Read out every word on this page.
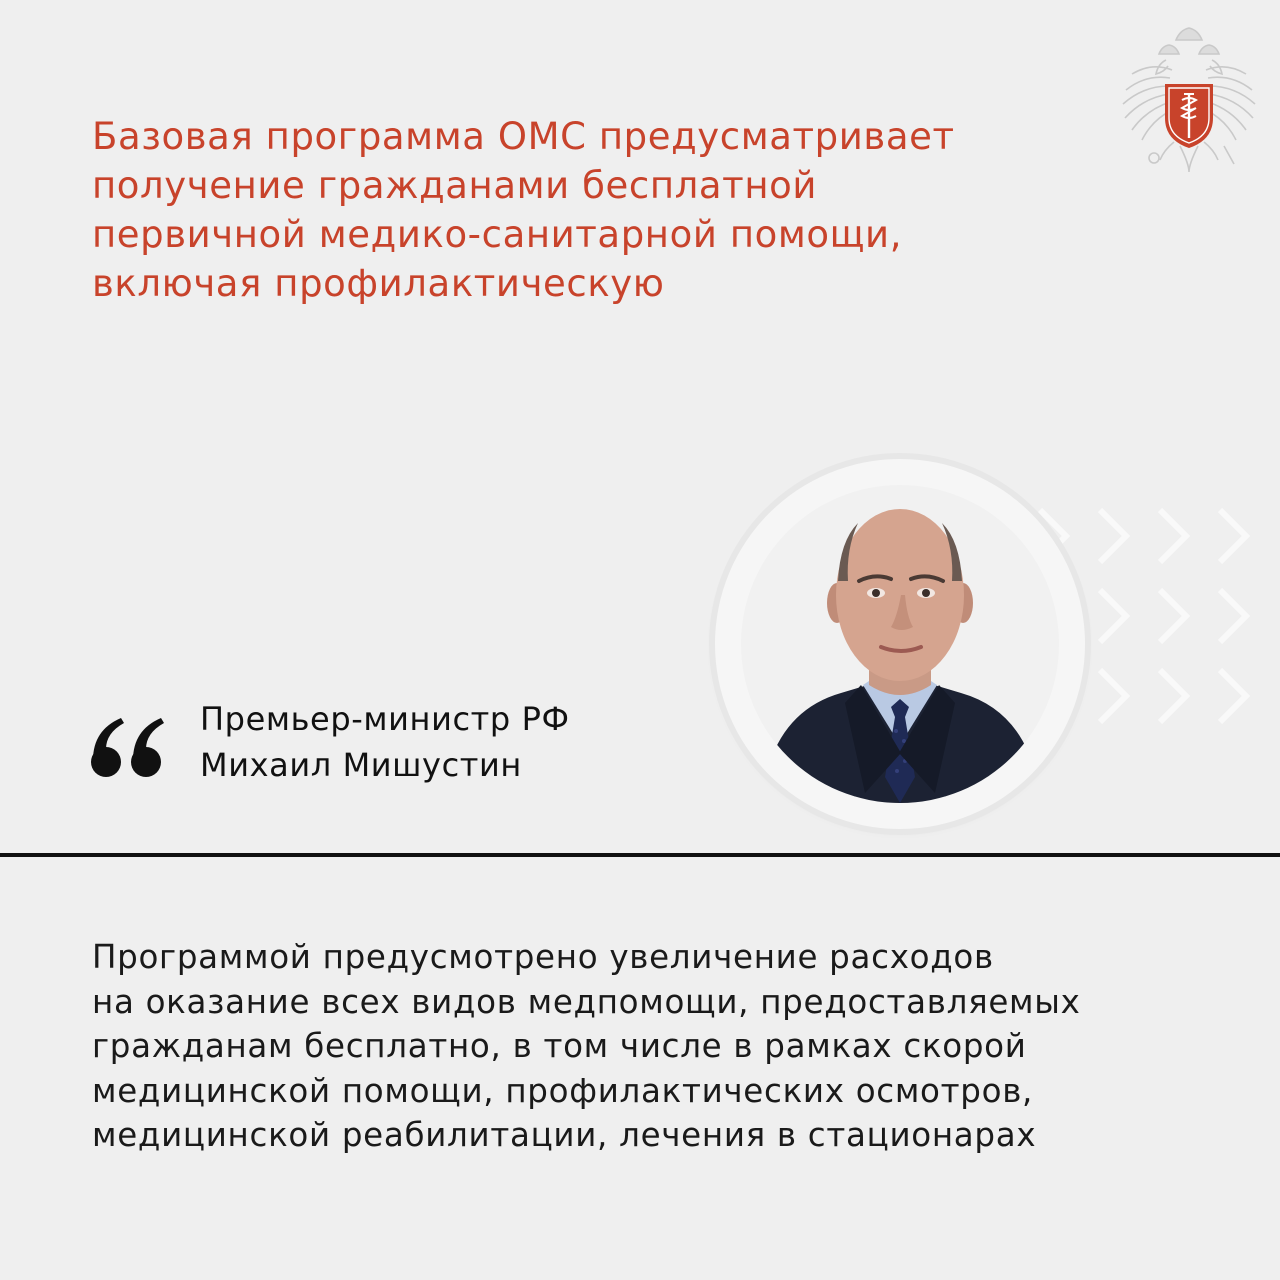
Базовая программа ОМС предусматривает
получение гражданами бесплатной
первичной медико-санитарной помощи,
включая профилактическую
Премьер-министр РФ
Михаил Мишустин

Программой предусмотрено увеличение расходов
на оказание всех видов медпомощи, предоставляемых
гражданам бесплатно, в том числе в рамках скорой
медицинской помощи, профилактических осмотров,
медицинской реабилитации, лечения в стационарах
